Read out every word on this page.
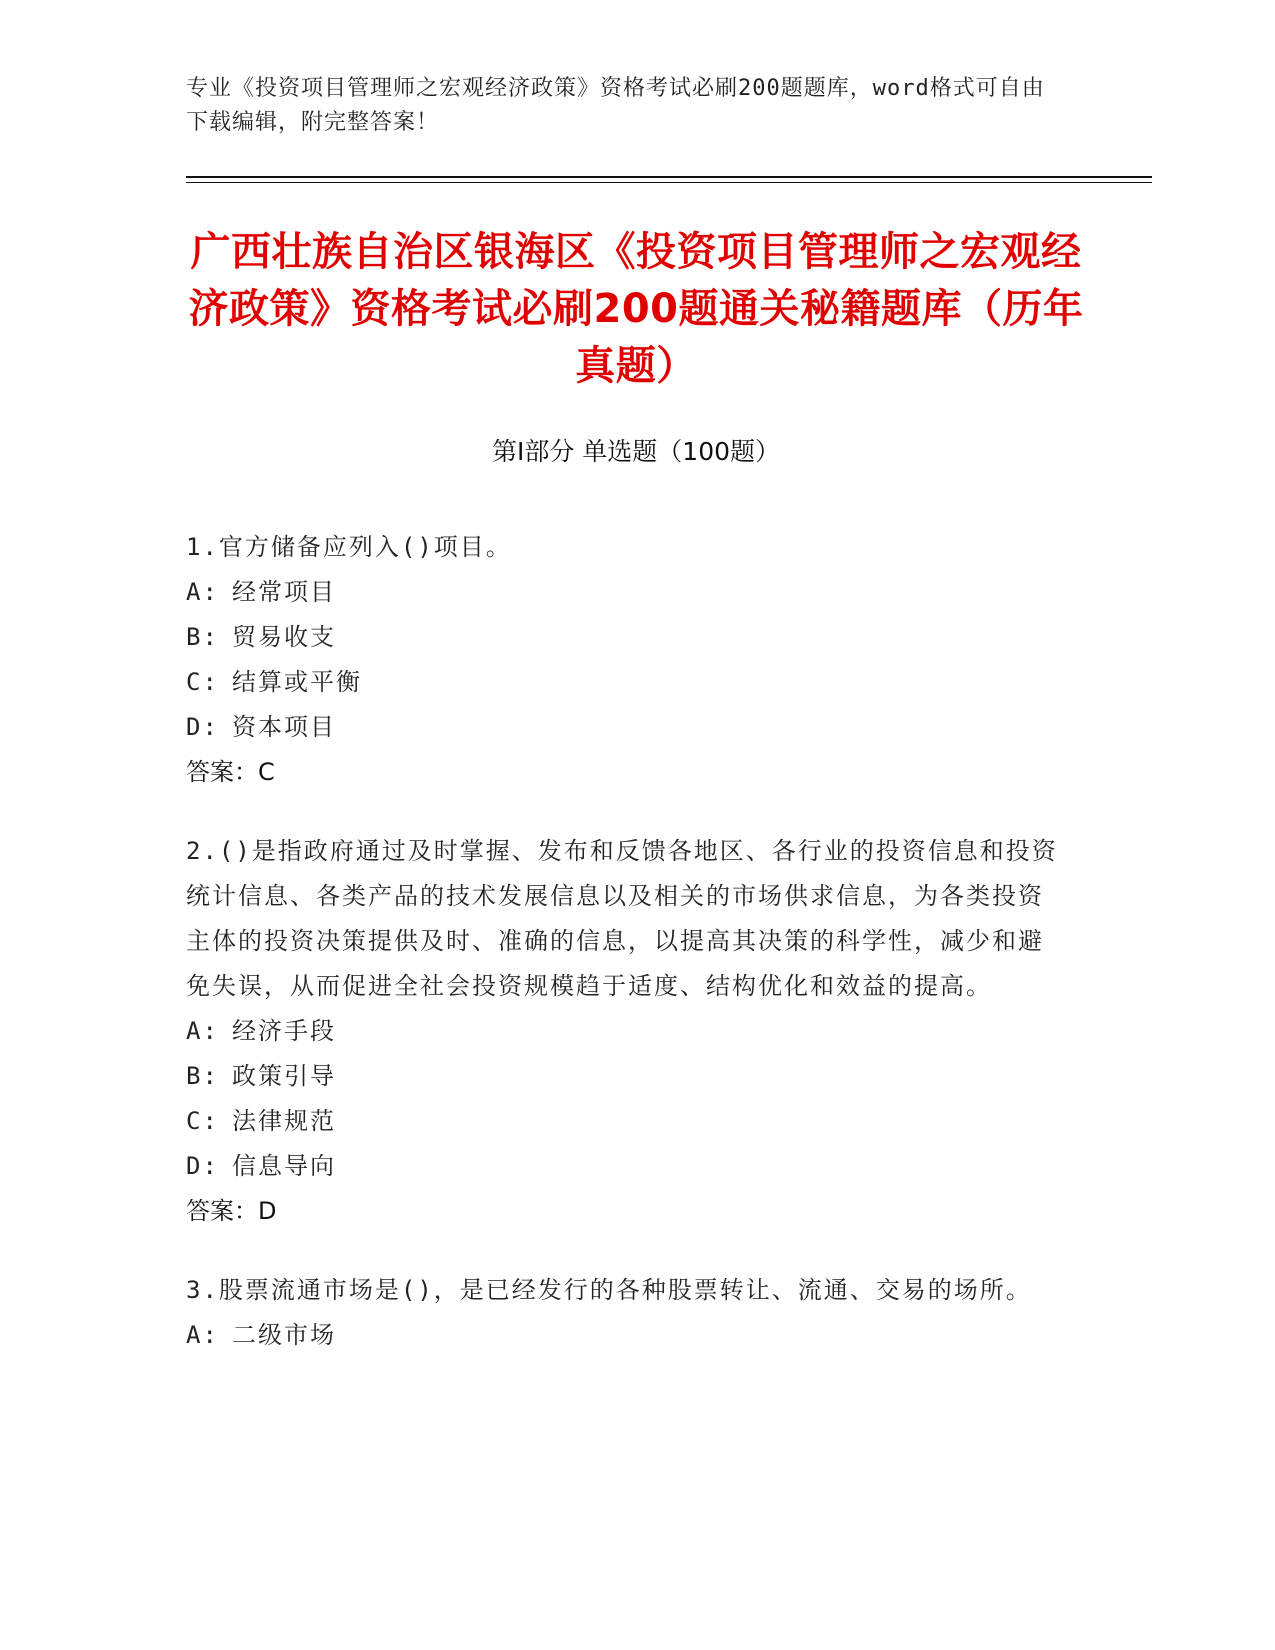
专业《投资项目管理师之宏观经济政策》资格考试必刷200题题库，word格式可自由下载编辑，附完整答案！
广西壮族自治区银海区《投资项目管理师之宏观经济政策》资格考试必刷200题通关秘籍题库（历年真题）
第Ⅰ部分 单选题（100题）
1.官方储备应列入()项目。
A: 经常项目
B: 贸易收支
C: 结算或平衡
D: 资本项目
答案：C
2.()是指政府通过及时掌握、发布和反馈各地区、各行业的投资信息和投资统计信息、各类产品的技术发展信息以及相关的市场供求信息，为各类投资主体的投资决策提供及时、准确的信息，以提高其决策的科学性，减少和避免失误，从而促进全社会投资规模趋于适度、结构优化和效益的提高。
A: 经济手段
B: 政策引导
C: 法律规范
D: 信息导向
答案：D
3.股票流通市场是()，是已经发行的各种股票转让、流通、交易的场所。
A: 二级市场
